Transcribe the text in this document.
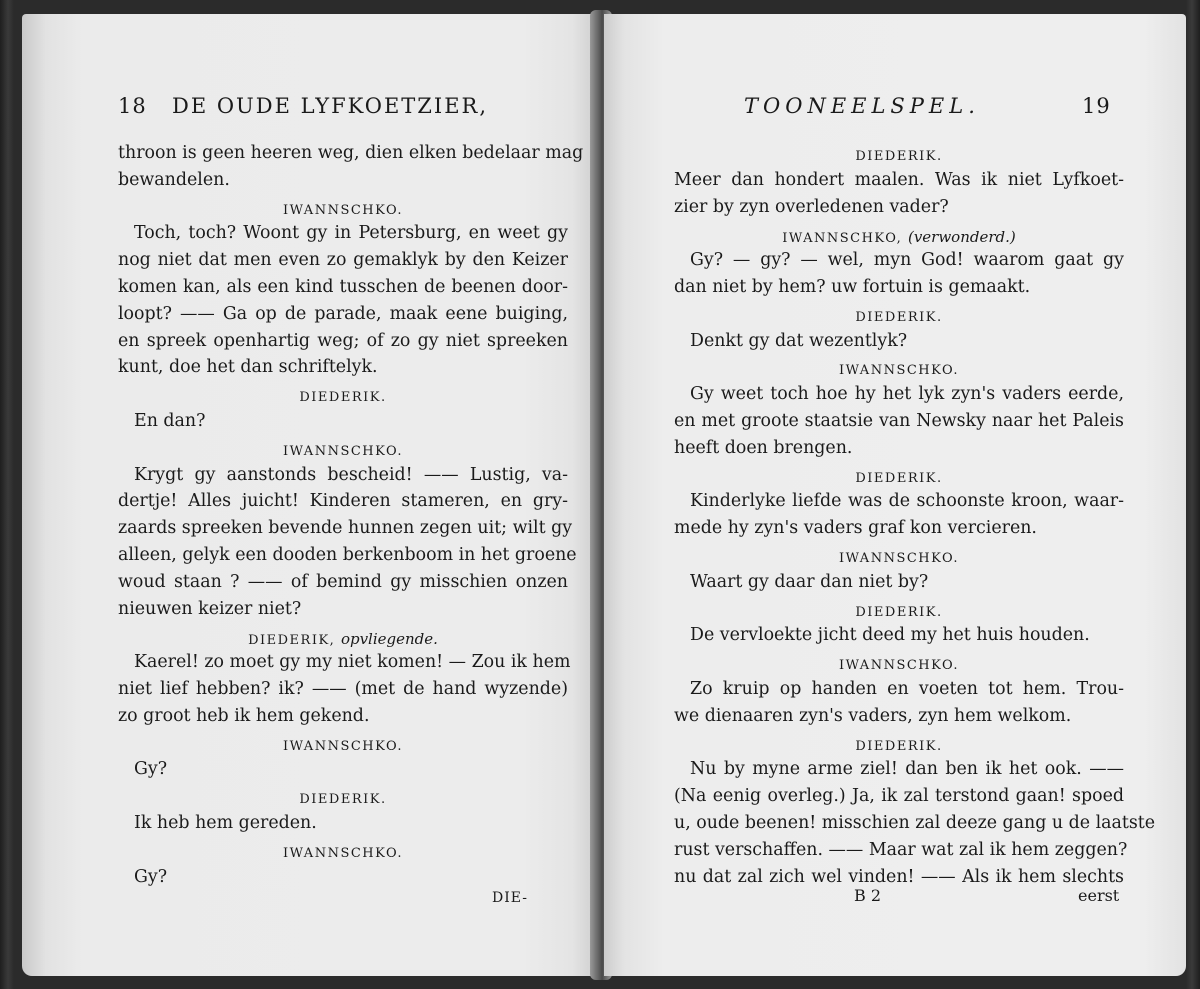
18 DE OUDE LYFKOETZIER,
throon is geen heeren weg, dien elken bedelaar mag
bewandelen.
IWANNSCHKO.
Toch, toch? Woont gy in Petersburg, en weet gy
nog niet dat men even zo gemaklyk by den Keizer
komen kan, als een kind tusschen de beenen door-
loopt? —— Ga op de parade, maak eene buiging,
en spreek openhartig weg; of zo gy niet spreeken
kunt, doe het dan schriftelyk.
DIEDERIK.
En dan?
IWANNSCHKO.
Krygt gy aanstonds bescheid! —— Lustig, va-
dertje! Alles juicht! Kinderen stameren, en gry-
zaards spreeken bevende hunnen zegen uit; wilt gy
alleen, gelyk een dooden berkenboom in het groene
woud staan ? —— of bemind gy misschien onzen
nieuwen keizer niet?
DIEDERIK, opvliegende.
Kaerel! zo moet gy my niet komen! — Zou ik hem
niet lief hebben? ik? —— (met de hand wyzende)
zo groot heb ik hem gekend.
IWANNSCHKO.
Gy?
DIEDERIK.
Ik heb hem gereden.
IWANNSCHKO.
Gy?
DIE-
TOONEELSPEL.	19
DIEDERIK.
Meer dan hondert maalen. Was ik niet Lyfkoet-
zier by zyn overledenen vader?
IWANNSCHKO, (verwonderd.)
Gy? — gy? — wel, myn God! waarom gaat gy
dan niet by hem? uw fortuin is gemaakt.
DIEDERIK.
Denkt gy dat wezentlyk?
IWANNSCHKO.
Gy weet toch hoe hy het lyk zyn's vaders eerde,
en met groote staatsie van Newsky naar het Paleis
heeft doen brengen.
DIEDERIK.
Kinderlyke liefde was de schoonste kroon, waar-
mede hy zyn's vaders graf kon vercieren.
IWANNSCHKO.
Waart gy daar dan niet by?
DIEDERIK.
De vervloekte jicht deed my het huis houden.
IWANNSCHKO.
Zo kruip op handen en voeten tot hem. Trou-
we dienaaren zyn's vaders, zyn hem welkom.
DIEDERIK.
Nu by myne arme ziel! dan ben ik het ook. ——
(Na eenig overleg.) Ja, ik zal terstond gaan! spoed
u, oude beenen! misschien zal deeze gang u de laatste
rust verschaffen. —— Maar wat zal ik hem zeggen?
nu dat zal zich wel vinden! —— Als ik hem slechts
B 2	eerst
